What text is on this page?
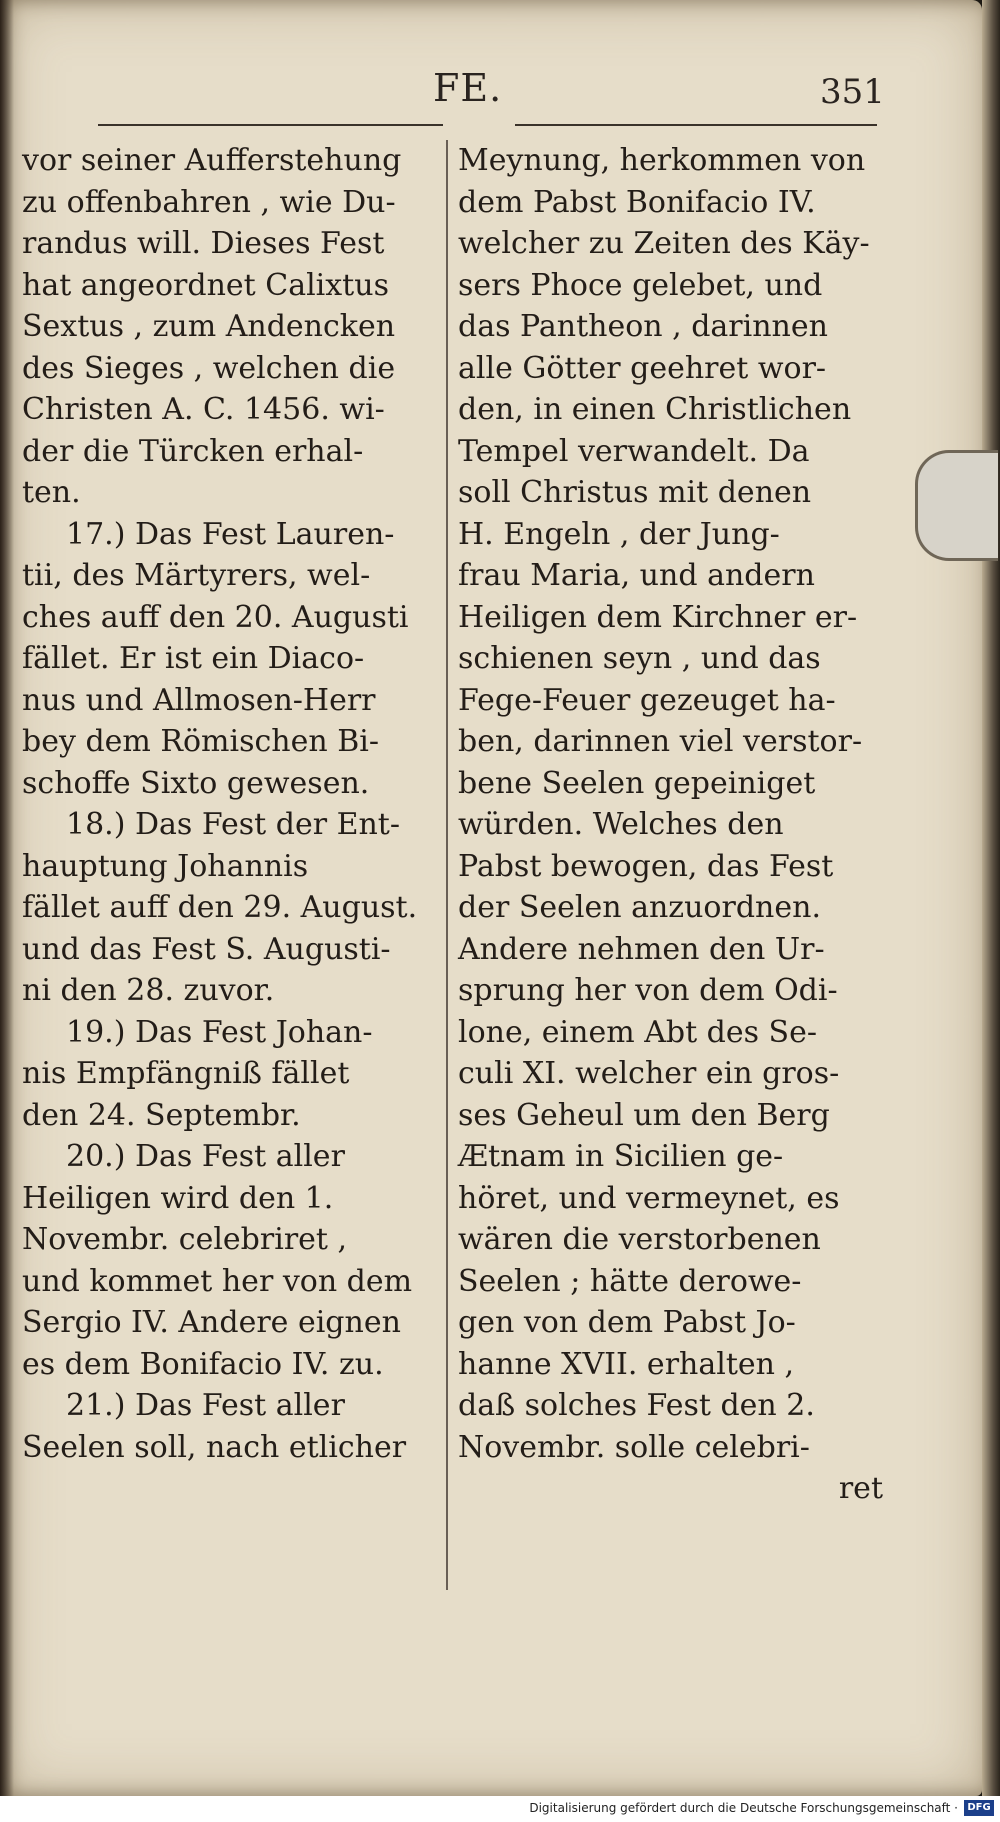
FE.	351
vor seiner Aufferstehung
zu offenbahren , wie Du-
randus will. Dieses Fest
hat angeordnet Calixtus
Sextus , zum Andencken
des Sieges , welchen die
Christen A. C. 1456. wi-
der die Türcken erhal-
ten.
17.) Das Fest Lauren-
tii, des Märtyrers, wel-
ches auff den 20. Augusti
fället. Er ist ein Diaco-
nus und Allmosen-Herr
bey dem Römischen Bi-
schoffe Sixto gewesen.
18.) Das Fest der Ent-
hauptung Johannis
fället auff den 29. August.
und das Fest S. Augusti-
ni den 28. zuvor.
19.) Das Fest Johan-
nis Empfängniß fället
den 24. Septembr.
20.) Das Fest aller
Heiligen wird den 1.
Novembr. celebriret ,
und kommet her von dem
Sergio IV. Andere eignen
es dem Bonifacio IV. zu.
21.) Das Fest aller
Seelen soll, nach etlicher
Meynung, herkommen von
dem Pabst Bonifacio IV.
welcher zu Zeiten des Käy-
sers Phoce gelebet, und
das Pantheon , darinnen
alle Götter geehret wor-
den, in einen Christlichen
Tempel verwandelt. Da
soll Christus mit denen
H. Engeln , der Jung-
frau Maria, und andern
Heiligen dem Kirchner er-
schienen seyn , und das
Fege-Feuer gezeuget ha-
ben, darinnen viel verstor-
bene Seelen gepeiniget
würden. Welches den
Pabst bewogen, das Fest
der Seelen anzuordnen.
Andere nehmen den Ur-
sprung her von dem Odi-
lone, einem Abt des Se-
culi XI. welcher ein gros-
ses Geheul um den Berg
Ætnam in Sicilien ge-
höret, und vermeynet, es
wären die verstorbenen
Seelen ; hätte derowe-
gen von dem Pabst Jo-
hanne XVII. erhalten ,
daß solches Fest den 2.
Novembr. solle celebri-
ret
Digitalisierung gefördert durch die Deutsche Forschungsgemeinschaft · DFG
